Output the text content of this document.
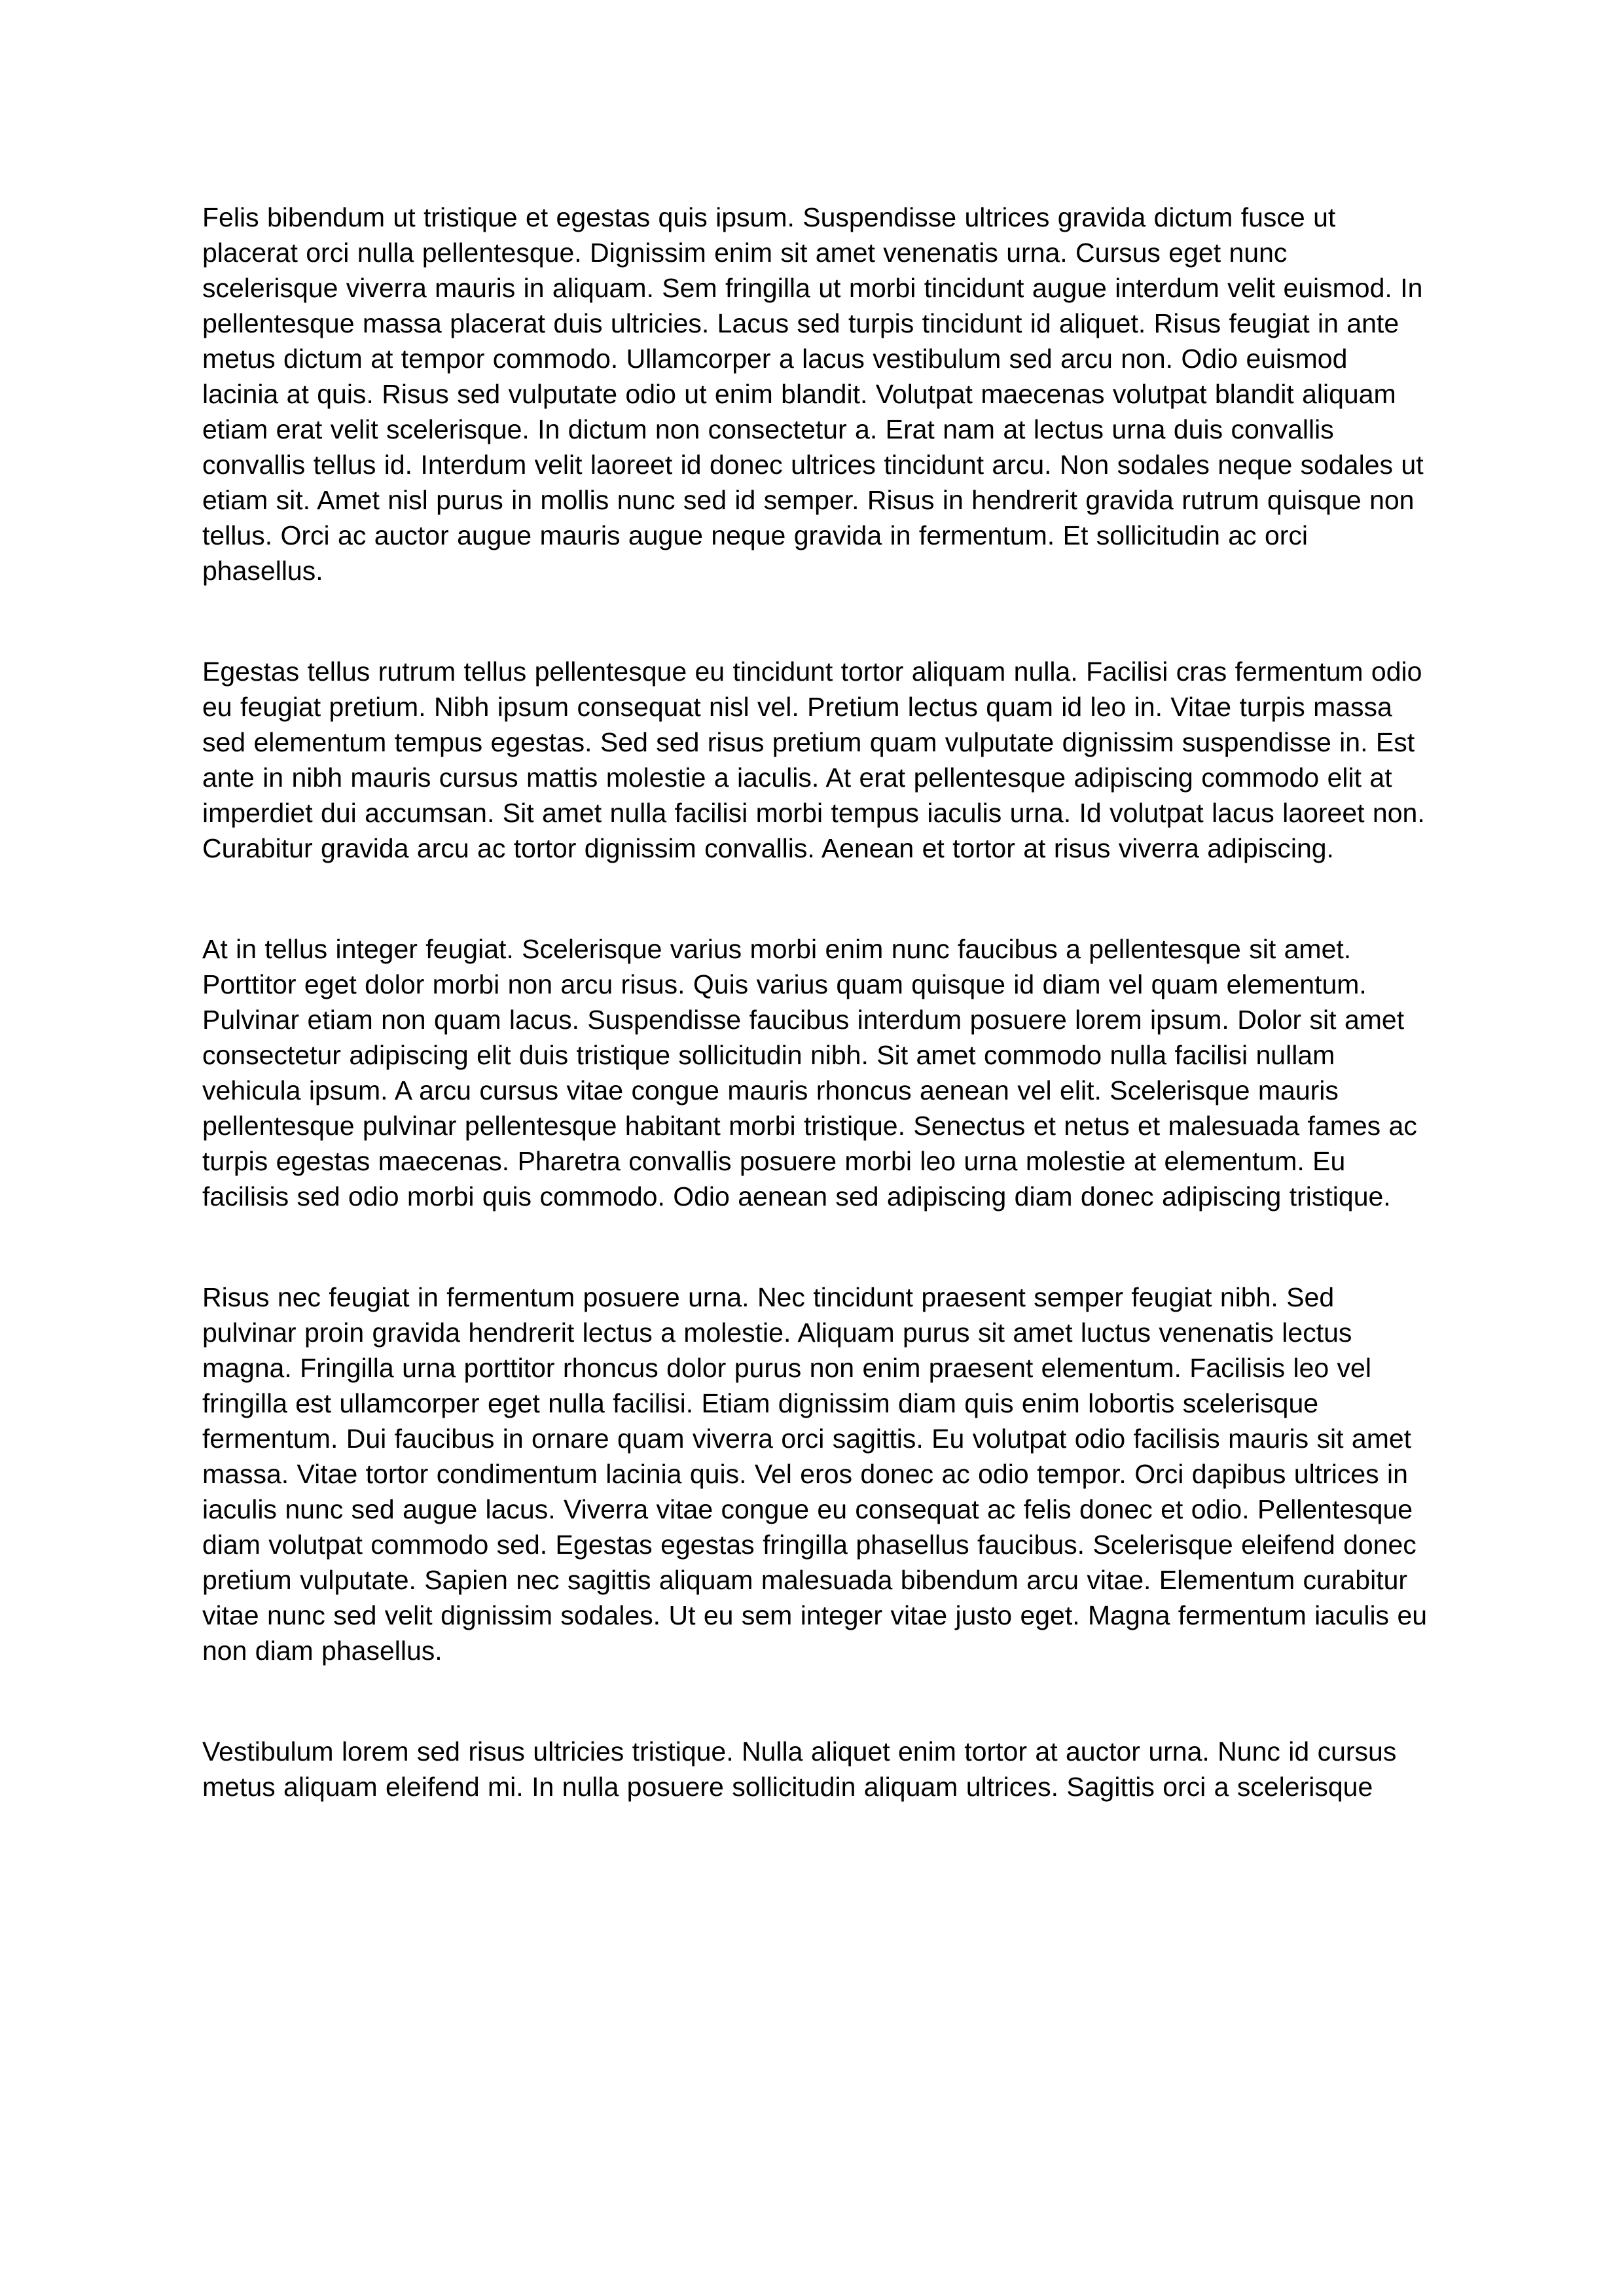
Felis bibendum ut tristique et egestas quis ipsum. Suspendisse ultrices gravida dictum fusce ut placerat orci nulla pellentesque. Dignissim enim sit amet venenatis urna. Cursus eget nunc scelerisque viverra mauris in aliquam. Sem fringilla ut morbi tincidunt augue interdum velit euismod. In pellentesque massa placerat duis ultricies. Lacus sed turpis tincidunt id aliquet. Risus feugiat in ante metus dictum at tempor commodo. Ullamcorper a lacus vestibulum sed arcu non. Odio euismod lacinia at quis. Risus sed vulputate odio ut enim blandit. Volutpat maecenas volutpat blandit aliquam etiam erat velit scelerisque. In dictum non consectetur a. Erat nam at lectus urna duis convallis convallis tellus id. Interdum velit laoreet id donec ultrices tincidunt arcu. Non sodales neque sodales ut etiam sit. Amet nisl purus in mollis nunc sed id semper. Risus in hendrerit gravida rutrum quisque non tellus. Orci ac auctor augue mauris augue neque gravida in fermentum. Et sollicitudin ac orci phasellus.

Egestas tellus rutrum tellus pellentesque eu tincidunt tortor aliquam nulla. Facilisi cras fermentum odio eu feugiat pretium. Nibh ipsum consequat nisl vel. Pretium lectus quam id leo in. Vitae turpis massa sed elementum tempus egestas. Sed sed risus pretium quam vulputate dignissim suspendisse in. Est ante in nibh mauris cursus mattis molestie a iaculis. At erat pellentesque adipiscing commodo elit at imperdiet dui accumsan. Sit amet nulla facilisi morbi tempus iaculis urna. Id volutpat lacus laoreet non. Curabitur gravida arcu ac tortor dignissim convallis. Aenean et tortor at risus viverra adipiscing.

At in tellus integer feugiat. Scelerisque varius morbi enim nunc faucibus a pellentesque sit amet. Porttitor eget dolor morbi non arcu risus. Quis varius quam quisque id diam vel quam elementum. Pulvinar etiam non quam lacus. Suspendisse faucibus interdum posuere lorem ipsum. Dolor sit amet consectetur adipiscing elit duis tristique sollicitudin nibh. Sit amet commodo nulla facilisi nullam vehicula ipsum. A arcu cursus vitae congue mauris rhoncus aenean vel elit. Scelerisque mauris pellentesque pulvinar pellentesque habitant morbi tristique. Senectus et netus et malesuada fames ac turpis egestas maecenas. Pharetra convallis posuere morbi leo urna molestie at elementum. Eu facilisis sed odio morbi quis commodo. Odio aenean sed adipiscing diam donec adipiscing tristique.

Risus nec feugiat in fermentum posuere urna. Nec tincidunt praesent semper feugiat nibh. Sed pulvinar proin gravida hendrerit lectus a molestie. Aliquam purus sit amet luctus venenatis lectus magna. Fringilla urna porttitor rhoncus dolor purus non enim praesent elementum. Facilisis leo vel fringilla est ullamcorper eget nulla facilisi. Etiam dignissim diam quis enim lobortis scelerisque fermentum. Dui faucibus in ornare quam viverra orci sagittis. Eu volutpat odio facilisis mauris sit amet massa. Vitae tortor condimentum lacinia quis. Vel eros donec ac odio tempor. Orci dapibus ultrices in iaculis nunc sed augue lacus. Viverra vitae congue eu consequat ac felis donec et odio. Pellentesque diam volutpat commodo sed. Egestas egestas fringilla phasellus faucibus. Scelerisque eleifend donec pretium vulputate. Sapien nec sagittis aliquam malesuada bibendum arcu vitae. Elementum curabitur vitae nunc sed velit dignissim sodales. Ut eu sem integer vitae justo eget. Magna fermentum iaculis eu non diam phasellus.

Vestibulum lorem sed risus ultricies tristique. Nulla aliquet enim tortor at auctor urna. Nunc id cursus metus aliquam eleifend mi. In nulla posuere sollicitudin aliquam ultrices. Sagittis orci a scelerisque
